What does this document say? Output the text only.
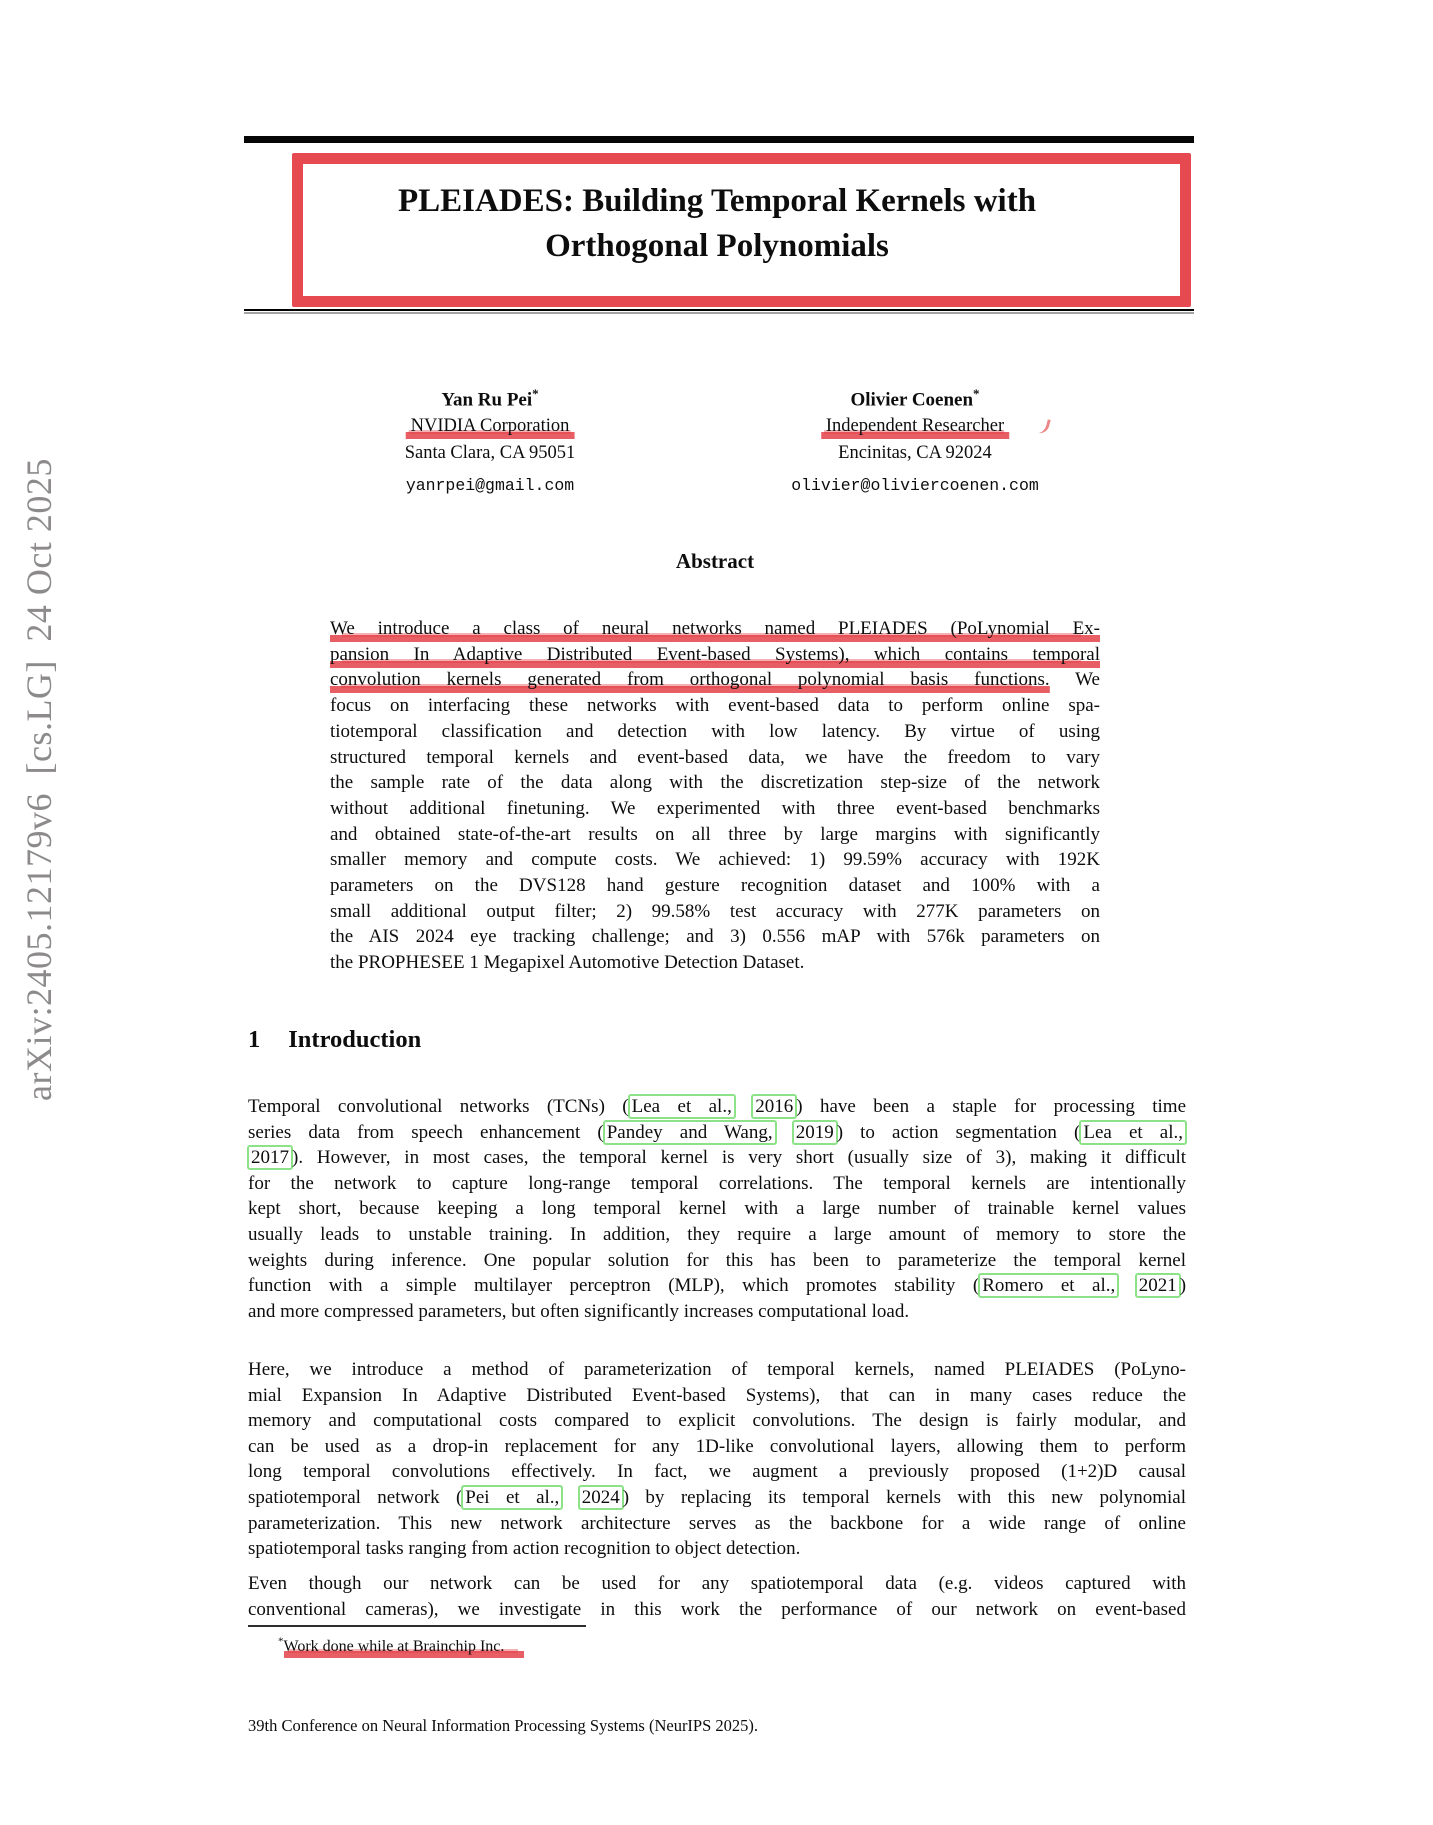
arXiv:2405.12179v6 [cs.LG] 24 Oct 2025
PLEIADES: Building Temporal Kernels with
Orthogonal Polynomials
Yan Ru Pei*
NVIDIA Corporation
Santa Clara, CA 95051
yanrpei@gmail.com
Olivier Coenen*
Independent Researcher
Encinitas, CA 92024
olivier@oliviercoenen.com
Abstract
We introduce a class of neural networks named PLEIADES (PoLynomial Ex-
pansion In Adaptive Distributed Event-based Systems), which contains temporal
convolution kernels generated from orthogonal polynomial basis functions. We
focus on interfacing these networks with event-based data to perform online spa-
tiotemporal classification and detection with low latency. By virtue of using
structured temporal kernels and event-based data, we have the freedom to vary
the sample rate of the data along with the discretization step-size of the network
without additional finetuning. We experimented with three event-based benchmarks
and obtained state-of-the-art results on all three by large margins with significantly
smaller memory and compute costs. We achieved: 1) 99.59% accuracy with 192K
parameters on the DVS128 hand gesture recognition dataset and 100% with a
small additional output filter; 2) 99.58% test accuracy with 277K parameters on
the AIS 2024 eye tracking challenge; and 3) 0.556 mAP with 576k parameters on
the PROPHESEE 1 Megapixel Automotive Detection Dataset.
1 Introduction
Temporal convolutional networks (TCNs) ( Lea et al., 2016 ) have been a staple for processing time
series data from speech enhancement ( Pandey and Wang, 2019 ) to action segmentation ( Lea et al.,
2017 ). However, in most cases, the temporal kernel is very short (usually size of 3), making it difficult
for the network to capture long-range temporal correlations. The temporal kernels are intentionally
kept short, because keeping a long temporal kernel with a large number of trainable kernel values
usually leads to unstable training. In addition, they require a large amount of memory to store the
weights during inference. One popular solution for this has been to parameterize the temporal kernel
function with a simple multilayer perceptron (MLP), which promotes stability ( Romero et al., 2021 )
and more compressed parameters, but often significantly increases computational load.
Here, we introduce a method of parameterization of temporal kernels, named PLEIADES (PoLyno-
mial Expansion In Adaptive Distributed Event-based Systems), that can in many cases reduce the
memory and computational costs compared to explicit convolutions. The design is fairly modular, and
can be used as a drop-in replacement for any 1D-like convolutional layers, allowing them to perform
long temporal convolutions effectively. In fact, we augment a previously proposed (1+2)D causal
spatiotemporal network ( Pei et al., 2024 ) by replacing its temporal kernels with this new polynomial
parameterization. This new network architecture serves as the backbone for a wide range of online
spatiotemporal tasks ranging from action recognition to object detection.
Even though our network can be used for any spatiotemporal data (e.g. videos captured with
conventional cameras), we investigate in this work the performance of our network on event-based
*Work done while at Brainchip Inc.
39th Conference on Neural Information Processing Systems (NeurIPS 2025).
